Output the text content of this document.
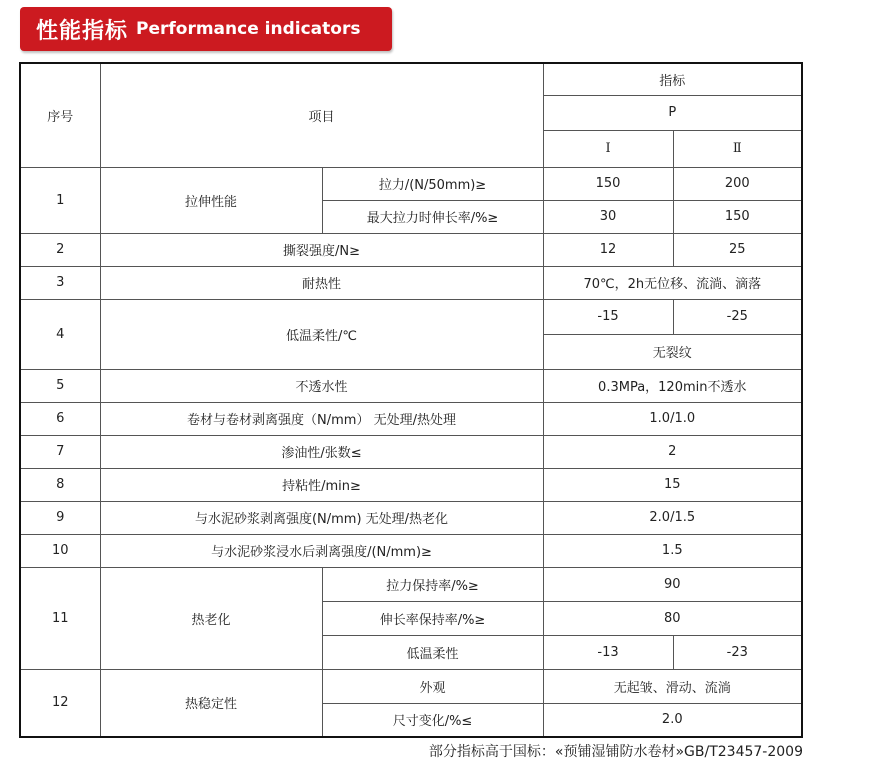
性能指标 Performance indicators
序号	项目		指标	
			P	
			I	Ⅱ
1	拉伸性能	拉力/(N/50mm)≥	150	200
		最大拉力时伸长率/%≥	30	150
2	撕裂强度/N≥		12	25
3	耐热性		70℃，2h无位移、流淌、滴落	
4	低温柔性/℃		-15	-25
			无裂纹	
5	不透水性		0.3MPa，120min不透水	
6	卷材与卷材剥离强度（N/mm） 无处理/热处理		1.0/1.0	
7	渗油性/张数≤		2	
8	持粘性/min≥		15	
9	与水泥砂浆剥离强度(N/mm) 无处理/热老化		2.0/1.5	
10	与水泥砂浆浸水后剥离强度/(N/mm)≥		1.5	
11	热老化	拉力保持率/%≥	90	
		伸长率保持率/%≥	80	
		低温柔性	-13	-23
12	热稳定性	外观	无起皱、滑动、流淌	
		尺寸变化/%≤	2.0	
部分指标高于国标：«预铺湿铺防水卷材»GB/T23457-2009
